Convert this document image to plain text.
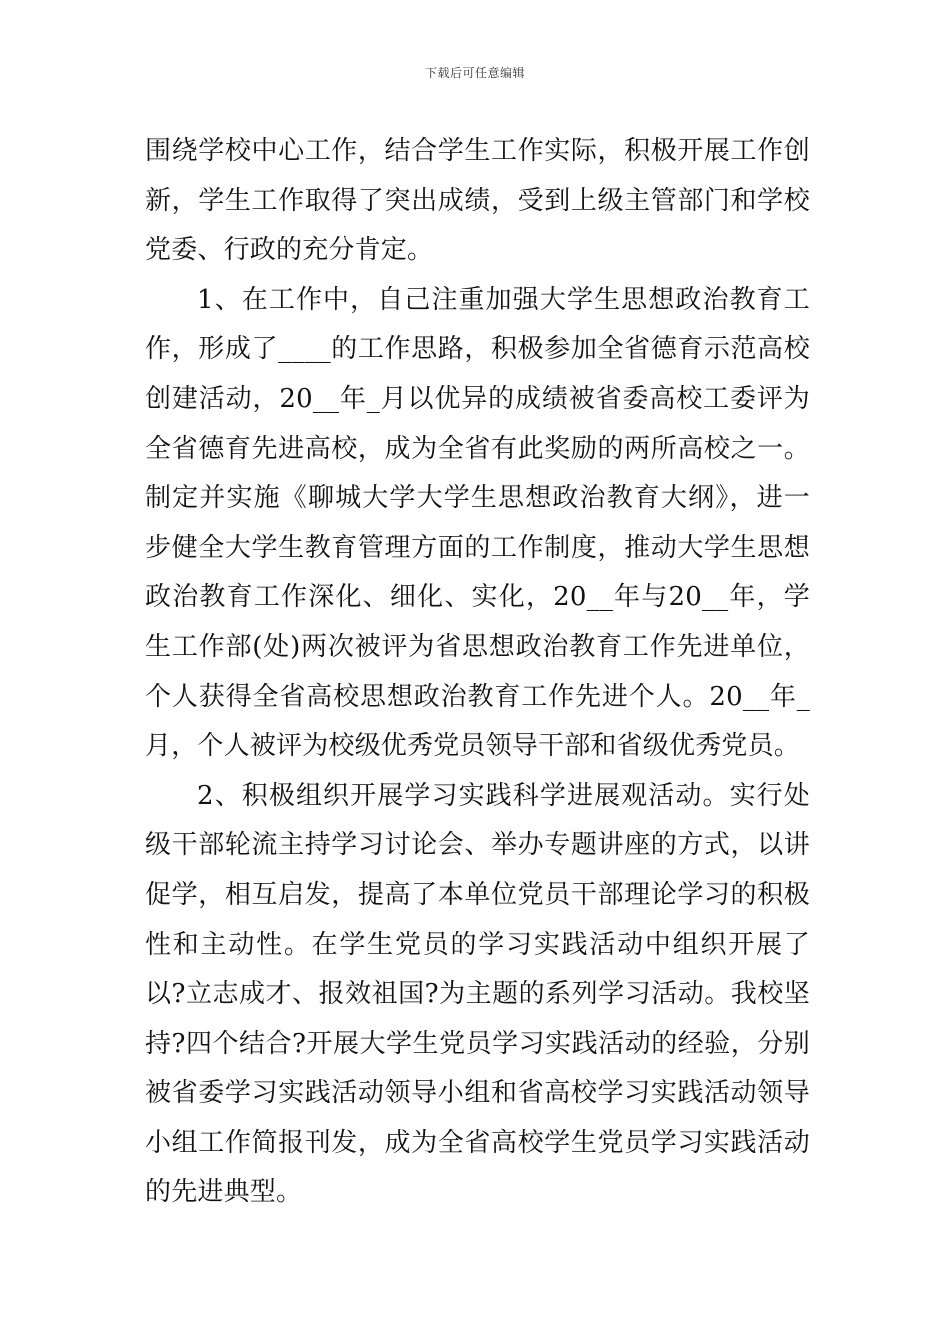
下载后可任意编辑

围绕学校中心工作，结合学生工作实际，积极开展工作创新，学生工作取得了突出成绩，受到上级主管部门和学校党委、行政的充分肯定。

1、在工作中，自己注重加强大学生思想政治教育工作，形成了____的工作思路，积极参加全省德育示范高校创建活动，20__年_月以优异的成绩被省委高校工委评为全省德育先进高校，成为全省有此奖励的两所高校之一。制定并实施《聊城大学大学生思想政治教育大纲》，进一步健全大学生教育管理方面的工作制度，推动大学生思想政治教育工作深化、细化、实化，20__年与20__年，学生工作部(处)两次被评为省思想政治教育工作先进单位，个人获得全省高校思想政治教育工作先进个人。20__年_月，个人被评为校级优秀党员领导干部和省级优秀党员。

2、积极组织开展学习实践科学进展观活动。实行处级干部轮流主持学习讨论会、举办专题讲座的方式，以讲促学，相互启发，提高了本单位党员干部理论学习的积极性和主动性。在学生党员的学习实践活动中组织开展了以?立志成才、报效祖国?为主题的系列学习活动。我校坚持?四个结合?开展大学生党员学习实践活动的经验，分别被省委学习实践活动领导小组和省高校学习实践活动领导小组工作简报刊发，成为全省高校学生党员学习实践活动的先进典型。
